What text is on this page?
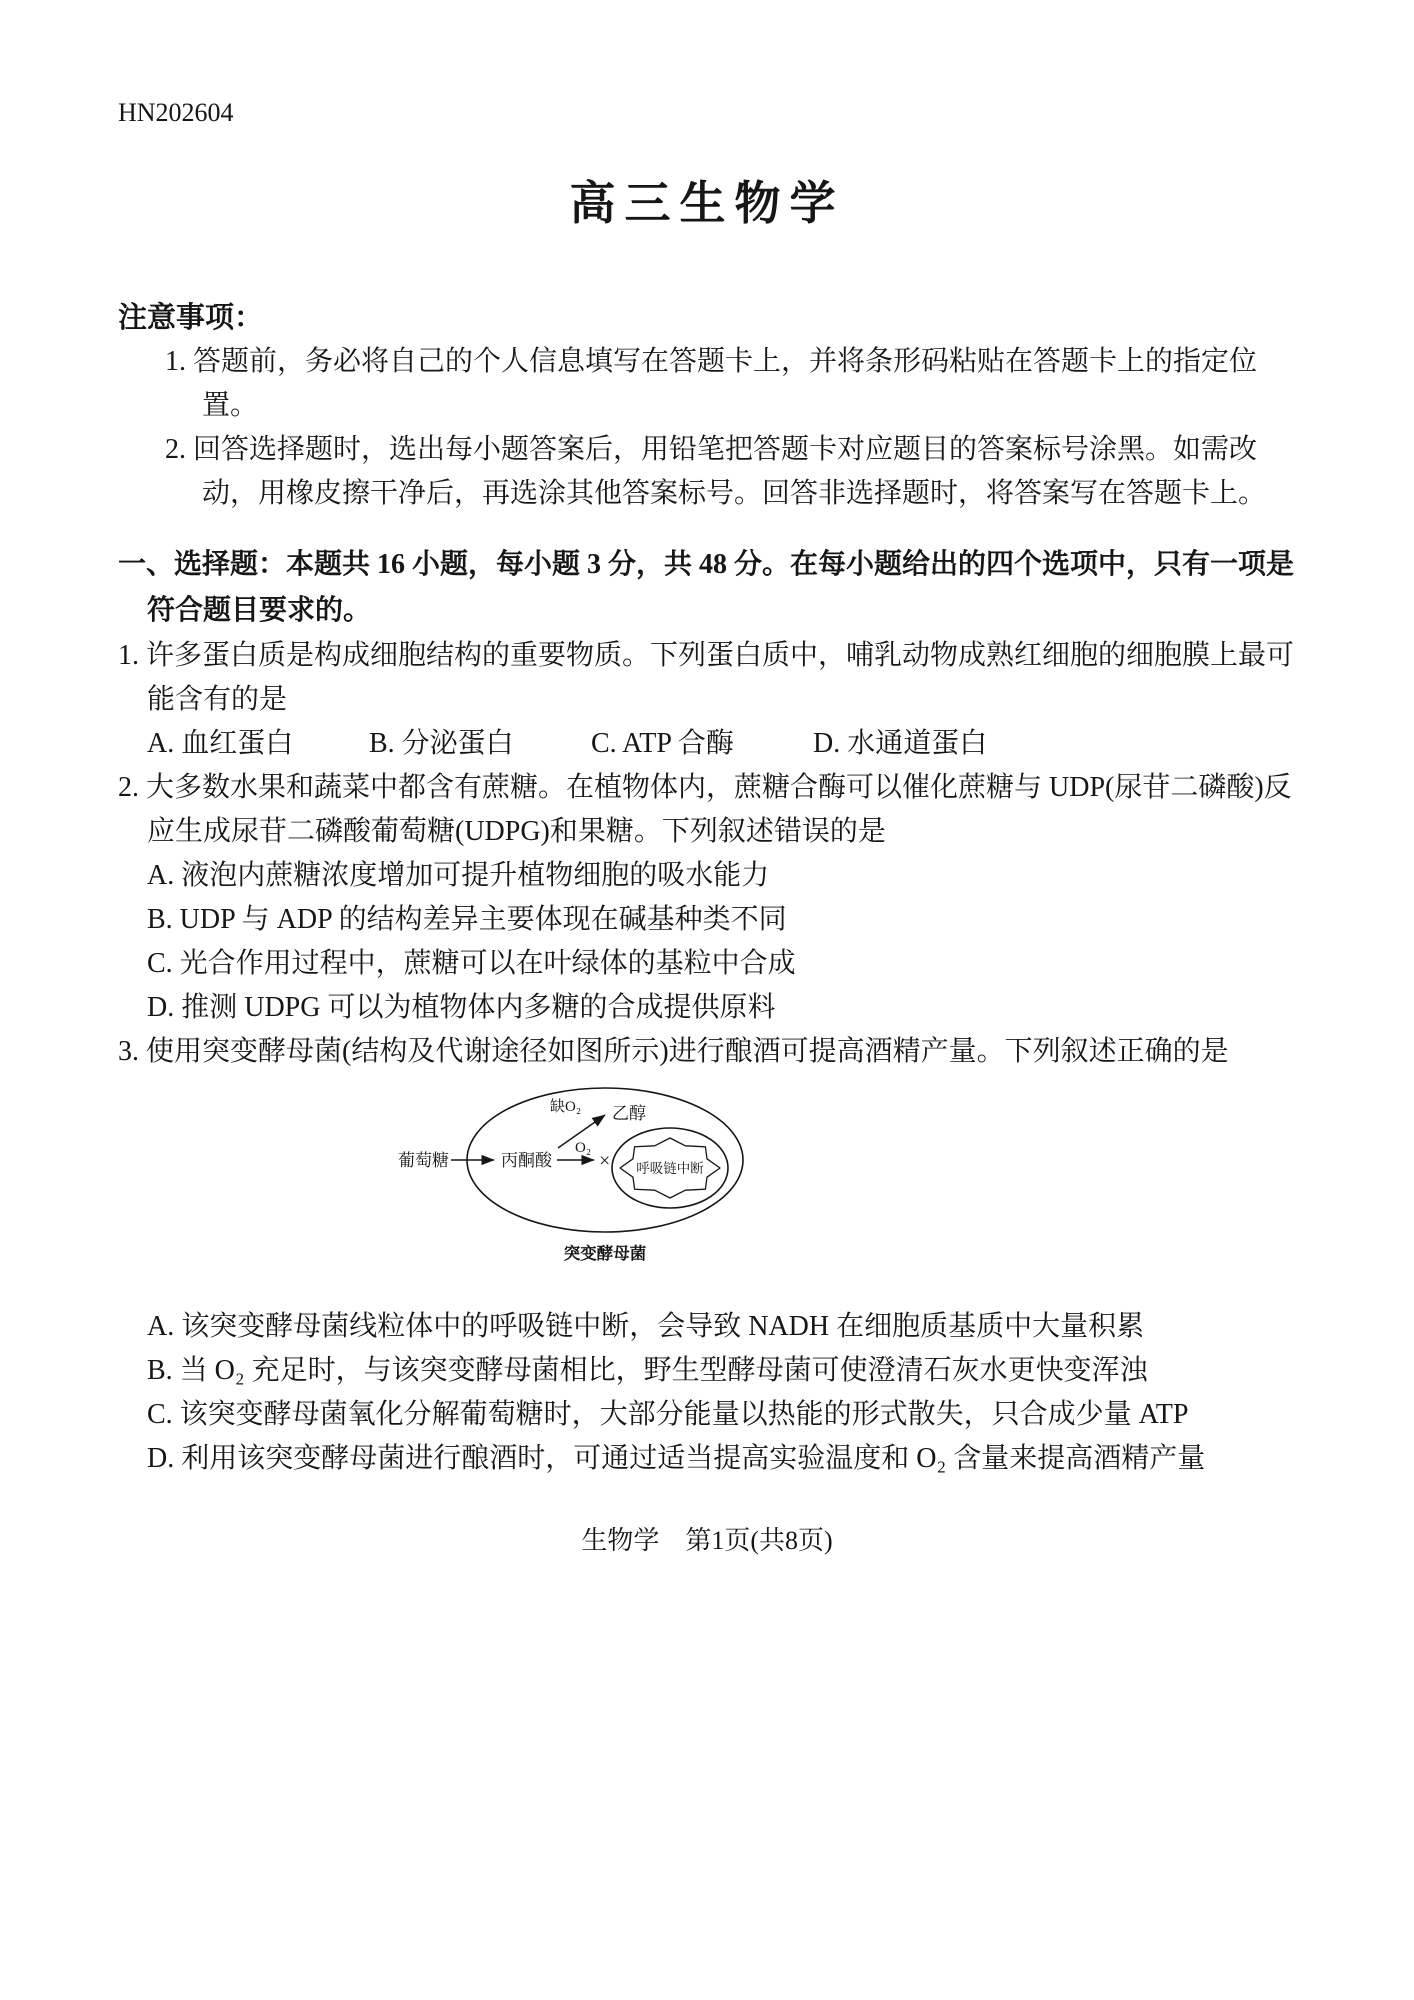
HN202604
高三生物学
注意事项：

1. 答题前，务必将自己的个人信息填写在答题卡上，并将条形码粘贴在答题卡上的指定位置。

2. 回答选择题时，选出每小题答案后，用铅笔把答题卡对应题目的答案标号涂黑。如需改动，用橡皮擦干净后，再选涂其他答案标号。回答非选择题时，将答案写在答题卡上。

一、选择题：本题共 16 小题，每小题 3 分，共 48 分。在每小题给出的四个选项中，只有一项是符合题目要求的。

1. 许多蛋白质是构成细胞结构的重要物质。下列蛋白质中，哺乳动物成熟红细胞的细胞膜上最可能含有的是

A. 血红蛋白	B. 分泌蛋白	C. ATP 合酶	D. 水通道蛋白

2. 大多数水果和蔬菜中都含有蔗糖。在植物体内，蔗糖合酶可以催化蔗糖与 UDP(尿苷二磷酸)反应生成尿苷二磷酸葡萄糖(UDPG)和果糖。下列叙述错误的是

A. 液泡内蔗糖浓度增加可提升植物细胞的吸水能力

B. UDP 与 ADP 的结构差异主要体现在碱基种类不同

C. 光合作用过程中，蔗糖可以在叶绿体的基粒中合成

D. 推测 UDPG 可以为植物体内多糖的合成提供原料

3. 使用突变酵母菌(结构及代谢途径如图所示)进行酿酒可提高酒精产量。下列叙述正确的是

葡萄糖	丙酮酸
缺O₂ 乙醇
O₂
× 呼吸链中断
突变酵母菌

A. 该突变酵母菌线粒体中的呼吸链中断，会导致 NADH 在细胞质基质中大量积累

B. 当 O₂ 充足时，与该突变酵母菌相比，野生型酵母菌可使澄清石灰水更快变浑浊

C. 该突变酵母菌氧化分解葡萄糖时，大部分能量以热能的形式散失，只合成少量 ATP

D. 利用该突变酵母菌进行酿酒时，可通过适当提高实验温度和 O₂ 含量来提高酒精产量

生物学　第1页(共8页)
